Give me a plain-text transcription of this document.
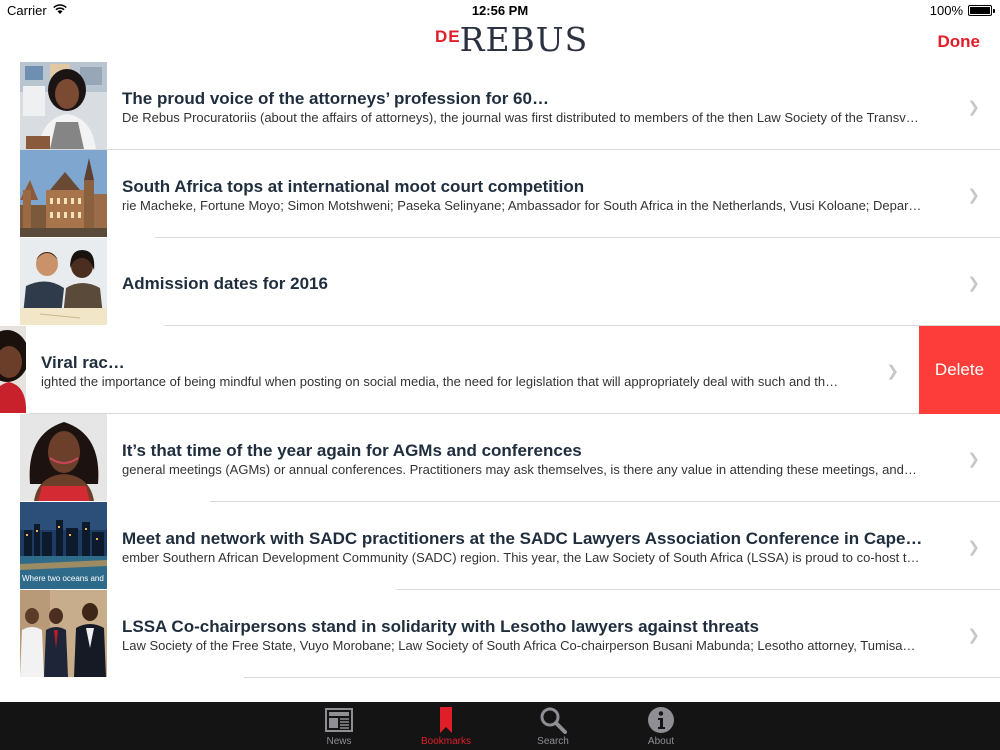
Carrier	12:56 PM	100%
DE REBUS	Done
The proud voice of the attorneys’ profession for 60…
De Rebus Procuratoriis (about the affairs of attorneys), the journal was first distributed to members of the then Law Society of the Transv…
❯
South Africa tops at international moot court competition
rie Macheke, Fortune Moyo; Simon Motshweni; Paseka Selinyane; Ambassador for South Africa in the Netherlands, Vusi Koloane; Depar…
❯
Admission dates for 2016	❯
Viral rac…
ighted the importance of being mindful when posting on social media, the need for legislation that will appropriately deal with such and th…
❯	Delete
It’s that time of the year again for AGMs and conferences
general meetings (AGMs) or annual conferences. Practitioners may ask themselves, is there any value in attending these meetings, and…
❯
Where two oceans and
Meet and network with SADC practitioners at the SADC Lawyers Association Conference in Cape…
ember Southern African Development Community (SADC) region. This year, the Law Society of South Africa (LSSA) is proud to co-host t…
❯
LSSA Co-chairpersons stand in solidarity with Lesotho lawyers against threats
Law Society of the Free State, Vuyo Morobane; Law Society of South Africa Co-chairperson Busani Mabunda; Lesotho attorney, Tumisa…
❯
News	Bookmarks	Search	About
